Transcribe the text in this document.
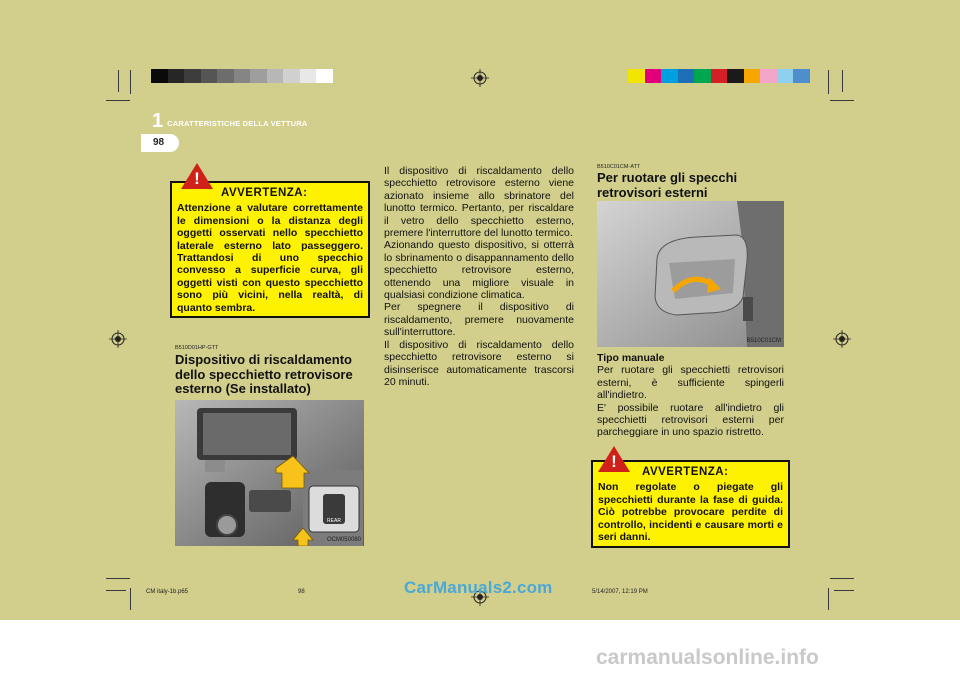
1 CARATTERISTICHE DELLA VETTURA
98
AVVERTENZA:
Attenzione a valutare correttamente le dimensioni o la distanza degli oggetti osservati nello specchietto laterale esterno lato passeggero. Trattandosi di uno specchio convesso a superficie curva, gli oggetti visti con questo specchietto sono più vicini, nella realtà, di quanto sembra.
!
B510D01HP-GTT
Dispositivo di riscaldamento dello specchietto retrovisore esterno (Se installato)
REAR
OCM050080

Il dispositivo di riscaldamento dello specchietto retrovisore esterno viene azionato insieme allo sbrinatore del lunotto termico. Pertanto, per riscaldare il vetro dello specchietto esterno, premere l'interruttore del lunotto termico.

Azionando questo dispositivo, si otterrà lo sbrinamento o disappannamento dello specchietto retrovisore esterno, ottenendo una migliore visuale in qualsiasi condizione climatica.

Per spegnere il dispositivo di riscaldamento, premere nuovamente sull'interruttore.

Il dispositivo di riscaldamento dello specchietto retrovisore esterno si disinserisce automaticamente trascorsi 20 minuti.

B510C01CM-ATT
Per ruotare gli specchi retrovisori esterni
B510C01CM

Tipo manuale

Per ruotare gli specchietti retrovisori esterni, è sufficiente spingerli all'indietro.

E' possibile ruotare all'indietro gli specchietti retrovisori esterni per parcheggiare in uno spazio ristretto.

AVVERTENZA:
Non regolate o piegate gli specchietti durante la fase di guida. Ciò potrebbe provocare perdite di controllo, incidenti e causare morti e seri danni.
!
CM italy-1b.p65	98	5/14/2007, 12:19 PM
CarManuals2.com
carmanualsonline.info
